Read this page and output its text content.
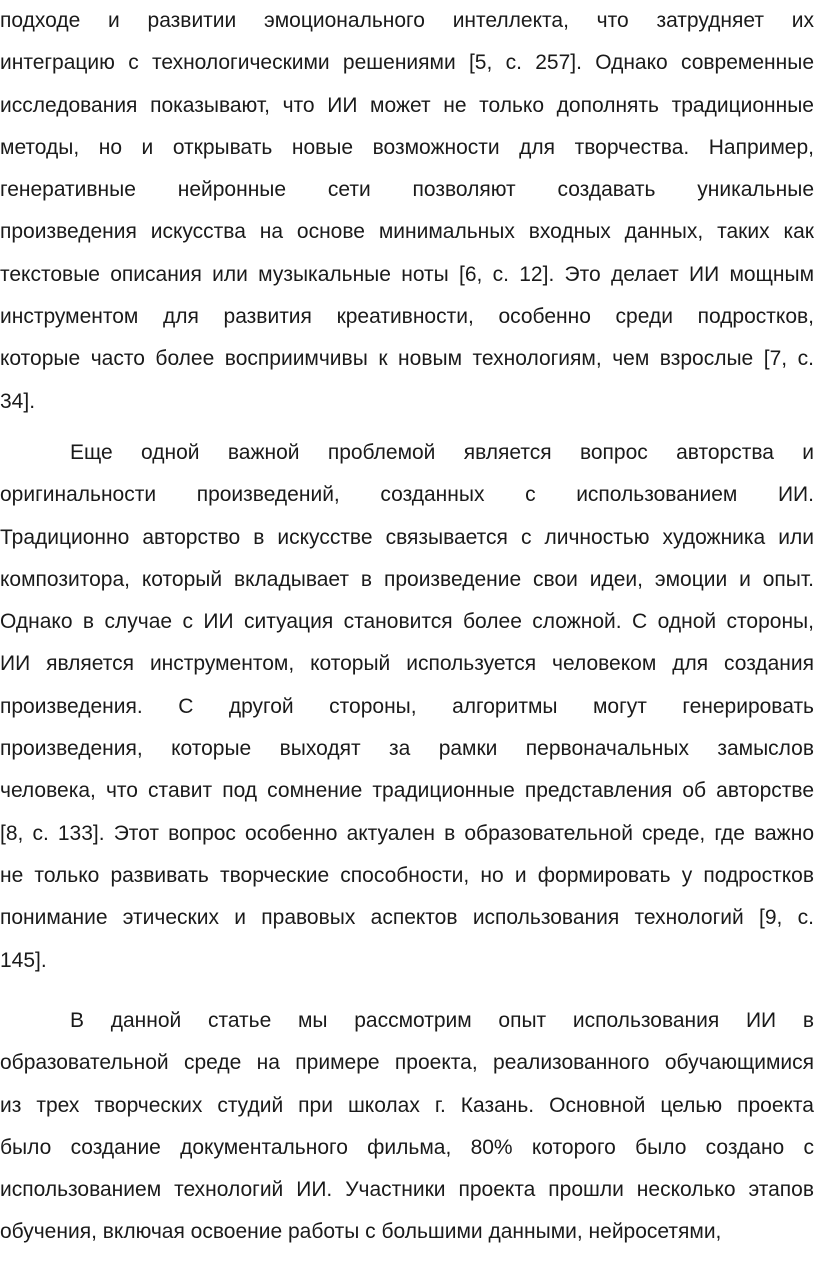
подходе и развитии эмоционального интеллекта, что затрудняет их
интеграцию с технологическими решениями [5, с. 257]. Однако современные
исследования показывают, что ИИ может не только дополнять традиционные
методы, но и открывать новые возможности для творчества. Например,
генеративные нейронные сети позволяют создавать уникальные
произведения искусства на основе минимальных входных данных, таких как
текстовые описания или музыкальные ноты [6, с. 12]. Это делает ИИ мощным
инструментом для развития креативности, особенно среди подростков,
которые часто более восприимчивы к новым технологиям, чем взрослые [7, с.
34].
Еще одной важной проблемой является вопрос авторства и
оригинальности произведений, созданных с использованием ИИ.
Традиционно авторство в искусстве связывается с личностью художника или
композитора, который вкладывает в произведение свои идеи, эмоции и опыт.
Однако в случае с ИИ ситуация становится более сложной. С одной стороны,
ИИ является инструментом, который используется человеком для создания
произведения. С другой стороны, алгоритмы могут генерировать
произведения, которые выходят за рамки первоначальных замыслов
человека, что ставит под сомнение традиционные представления об авторстве
[8, с. 133]. Этот вопрос особенно актуален в образовательной среде, где важно
не только развивать творческие способности, но и формировать у подростков
понимание этических и правовых аспектов использования технологий [9, с.
145].
В данной статье мы рассмотрим опыт использования ИИ в
образовательной среде на примере проекта, реализованного обучающимися
из трех творческих студий при школах г. Казань. Основной целью проекта
было создание документального фильма, 80% которого было создано с
использованием технологий ИИ. Участники проекта прошли несколько этапов
обучения, включая освоение работы с большими данными, нейросетями,
